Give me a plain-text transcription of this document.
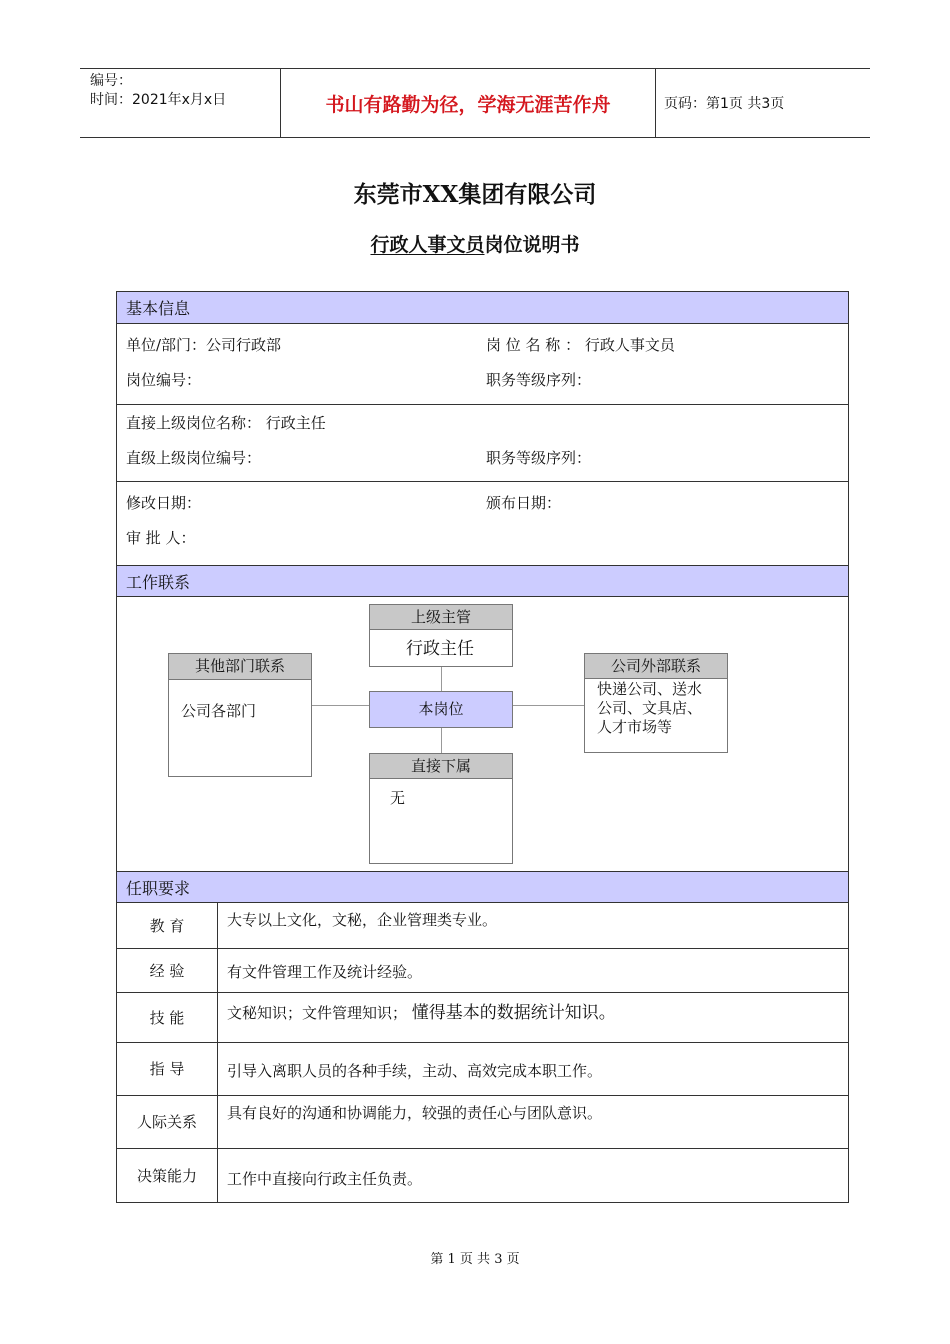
编号：
时间：2021年x月x日	书山有路勤为径，学海无涯苦作舟	页码：第1页 共3页
东莞市XX集团有限公司
行政人事文员岗位说明书
基本信息
单位/部门：公司行政部	岗 位 名 称 ： 行政人事文员
岗位编号：	职务等级序列：
直接上级岗位名称： 行政主任
直级上级岗位编号：	职务等级序列：
修改日期：	颁布日期：
审 批 人：
工作联系
上级主管
行政主任
本岗位
直接下属
无
其他部门联系
公司各部门
公司外部联系
快递公司、送水
公司、文具店、
人才市场等
任职要求
教 育	大专以上文化，文秘，企业管理类专业。
经 验	有文件管理工作及统计经验。
技 能	文秘知识；文件管理知识； 懂得基本的数据统计知识。
指 导	引导入离职人员的各种手续，主动、高效完成本职工作。
人际关系	具有良好的沟通和协调能力，较强的责任心与团队意识。
决策能力	工作中直接向行政主任负责。
第 1 页 共 3 页
